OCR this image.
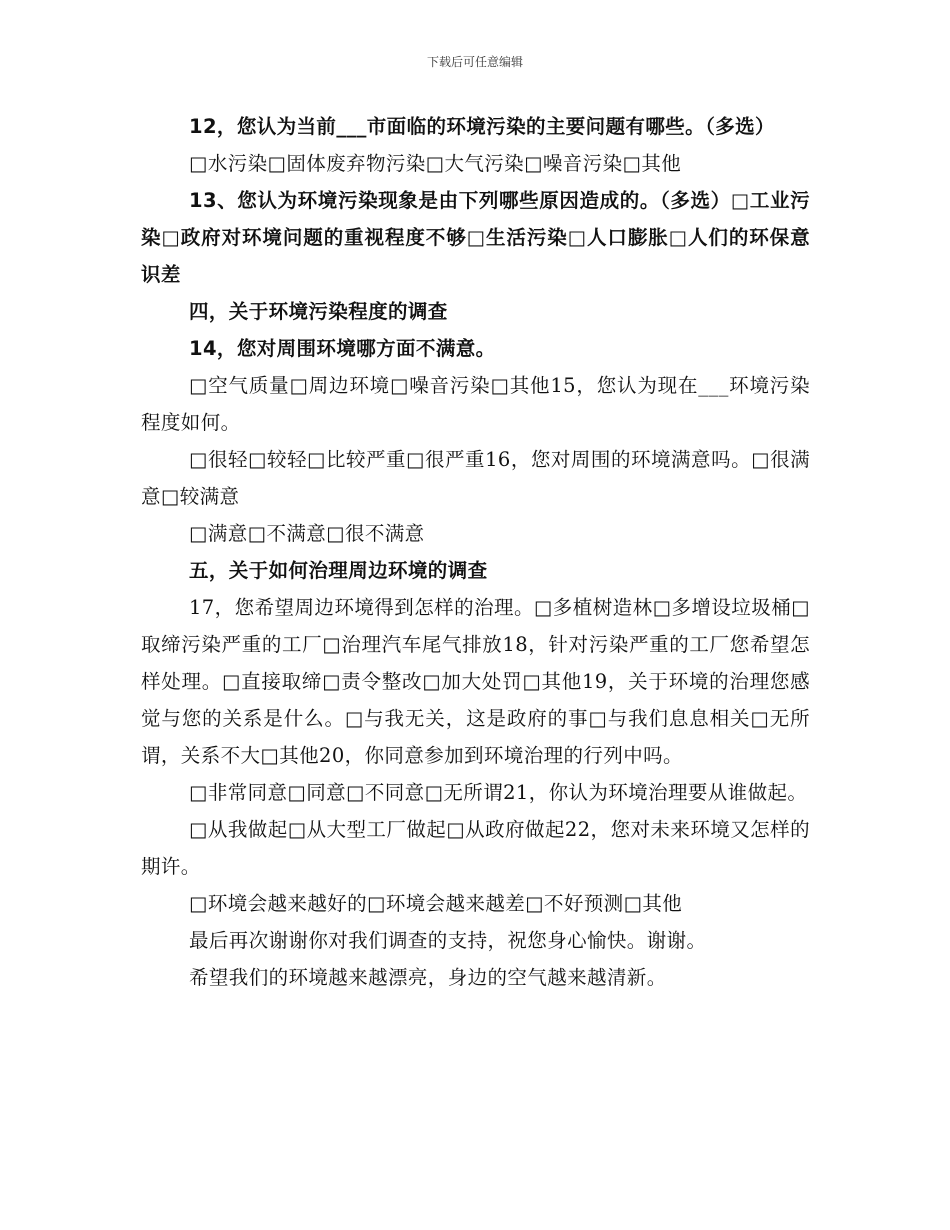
下载后可任意编辑

12，您认为当前___市面临的环境污染的主要问题有哪些。（多选）

□水污染□固体废弃物污染□大气污染□噪音污染□其他

13、您认为环境污染现象是由下列哪些原因造成的。（多选）□工业污染□政府对环境问题的重视程度不够□生活污染□人口膨胀□人们的环保意识差

四，关于环境污染程度的调查

14，您对周围环境哪方面不满意。

□空气质量□周边环境□噪音污染□其他15，您认为现在___环境污染程度如何。

□很轻□较轻□比较严重□很严重16，您对周围的环境满意吗。□很满意□较满意

□满意□不满意□很不满意

五，关于如何治理周边环境的调查

17，您希望周边环境得到怎样的治理。□多植树造林□多增设垃圾桶□取缔污染严重的工厂□治理汽车尾气排放18，针对污染严重的工厂您希望怎样处理。□直接取缔□责令整改□加大处罚□其他19，关于环境的治理您感觉与您的关系是什么。□与我无关，这是政府的事□与我们息息相关□无所谓，关系不大□其他20，你同意参加到环境治理的行列中吗。

□非常同意□同意□不同意□无所谓21，你认为环境治理要从谁做起。

□从我做起□从大型工厂做起□从政府做起22，您对未来环境又怎样的期许。

□环境会越来越好的□环境会越来越差□不好预测□其他

最后再次谢谢你对我们调查的支持，祝您身心愉快。谢谢。

希望我们的环境越来越漂亮，身边的空气越来越清新。
